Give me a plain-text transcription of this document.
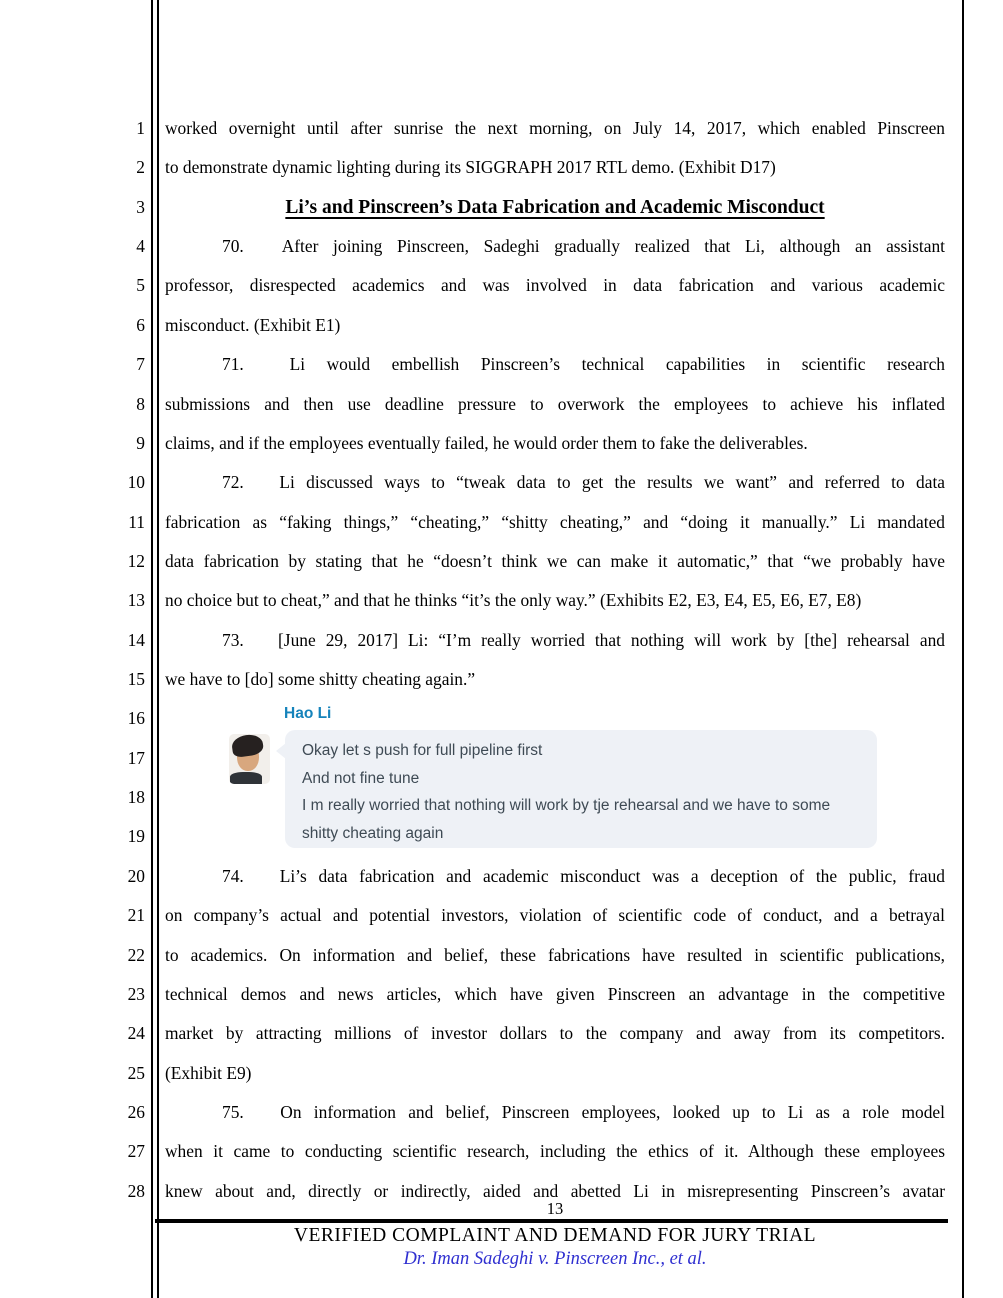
1
2
3
4
5
6
7
8
9
10
11
12
13
14
15
16
17
18
19
20
21
22
23
24
25
26
27
28
worked overnight until after sunrise the next morning, on July 14, 2017, which enabled Pinscreen
to demonstrate dynamic lighting during its SIGGRAPH 2017 RTL demo. (Exhibit D17)
Li’s and Pinscreen’s Data Fabrication and Academic Misconduct
70. After joining Pinscreen, Sadeghi gradually realized that Li, although an assistant
professor, disrespected academics and was involved in data fabrication and various academic
misconduct. (Exhibit E1)
71.	Li would embellish Pinscreen’s technical capabilities in scientific research
submissions and then use deadline pressure to overwork the employees to achieve his inflated
claims, and if the employees eventually failed, he would order them to fake the deliverables.
72. Li discussed ways to “tweak data to get the results we want” and referred to data
fabrication as “faking things,” “cheating,” “shitty cheating,” and “doing it manually.” Li mandated
data fabrication by stating that he “doesn’t think we can make it automatic,” that “we probably have
no choice but to cheat,” and that he thinks “it’s the only way.” (Exhibits E2, E3, E4, E5, E6, E7, E8)
73. [June 29, 2017] Li: “I’m really worried that nothing will work by [the] rehearsal and
we have to [do] some shitty cheating again.”
74. Li’s data fabrication and academic misconduct was a deception of the public, fraud
on company’s actual and potential investors, violation of scientific code of conduct, and a betrayal
to academics. On information and belief, these fabrications have resulted in scientific publications,
technical demos and news articles, which have given Pinscreen an advantage in the competitive
market by attracting millions of investor dollars to the company and away from its competitors.
(Exhibit E9)
75. On information and belief, Pinscreen employees, looked up to Li as a role model
when it came to conducting scientific research, including the ethics of it. Although these employees
knew about and, directly or indirectly, aided and abetted Li in misrepresenting Pinscreen’s avatar
Hao Li
Okay let s push for full pipeline first
And not fine tune
I m really worried that nothing will work by tje rehearsal and we have to some shitty cheating again
13
VERIFIED COMPLAINT AND DEMAND FOR JURY TRIAL
Dr. Iman Sadeghi v. Pinscreen Inc., et al.
